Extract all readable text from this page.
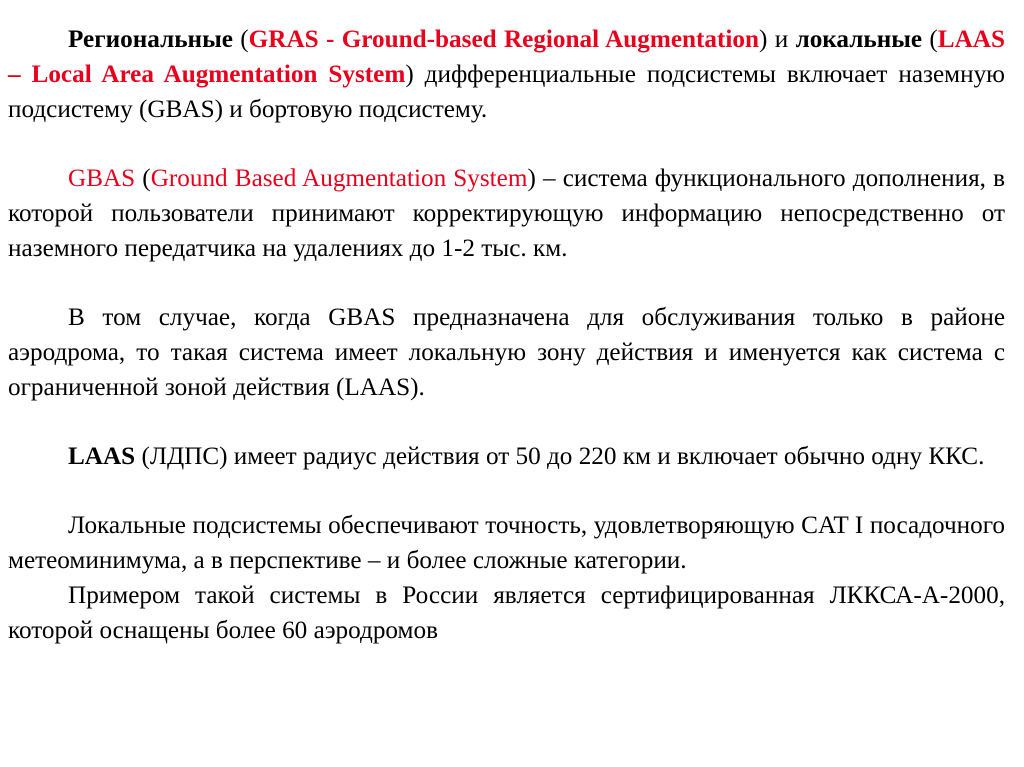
Региональные (GRAS - Ground-based Regional Augmentation) и локальные (LAAS – Local Area Augmentation System) дифференциальные подсистемы включает наземную подсистему (GBAS) и бортовую подсистему.

GBAS (Ground Based Augmentation System) – система функционального дополнения, в которой пользователи принимают корректирующую информацию непосредственно от наземного передатчика на удалениях до 1-2 тыс. км.

В том случае, когда GBAS предназначена для обслуживания только в районе аэродрома, то такая система имеет локальную зону действия и именуется как система с ограниченной зоной действия (LAAS).

LAAS (ЛДПС) имеет радиус действия от 50 до 220 км и включает обычно одну ККС.

Локальные подсистемы обеспечивают точность, удовлетворяющую CAT I посадочного метеоминимума, а в перспективе – и более сложные категории.

Примером такой системы в России является сертифицированная ЛККСА-А-2000, которой оснащены более 60 аэродромов
